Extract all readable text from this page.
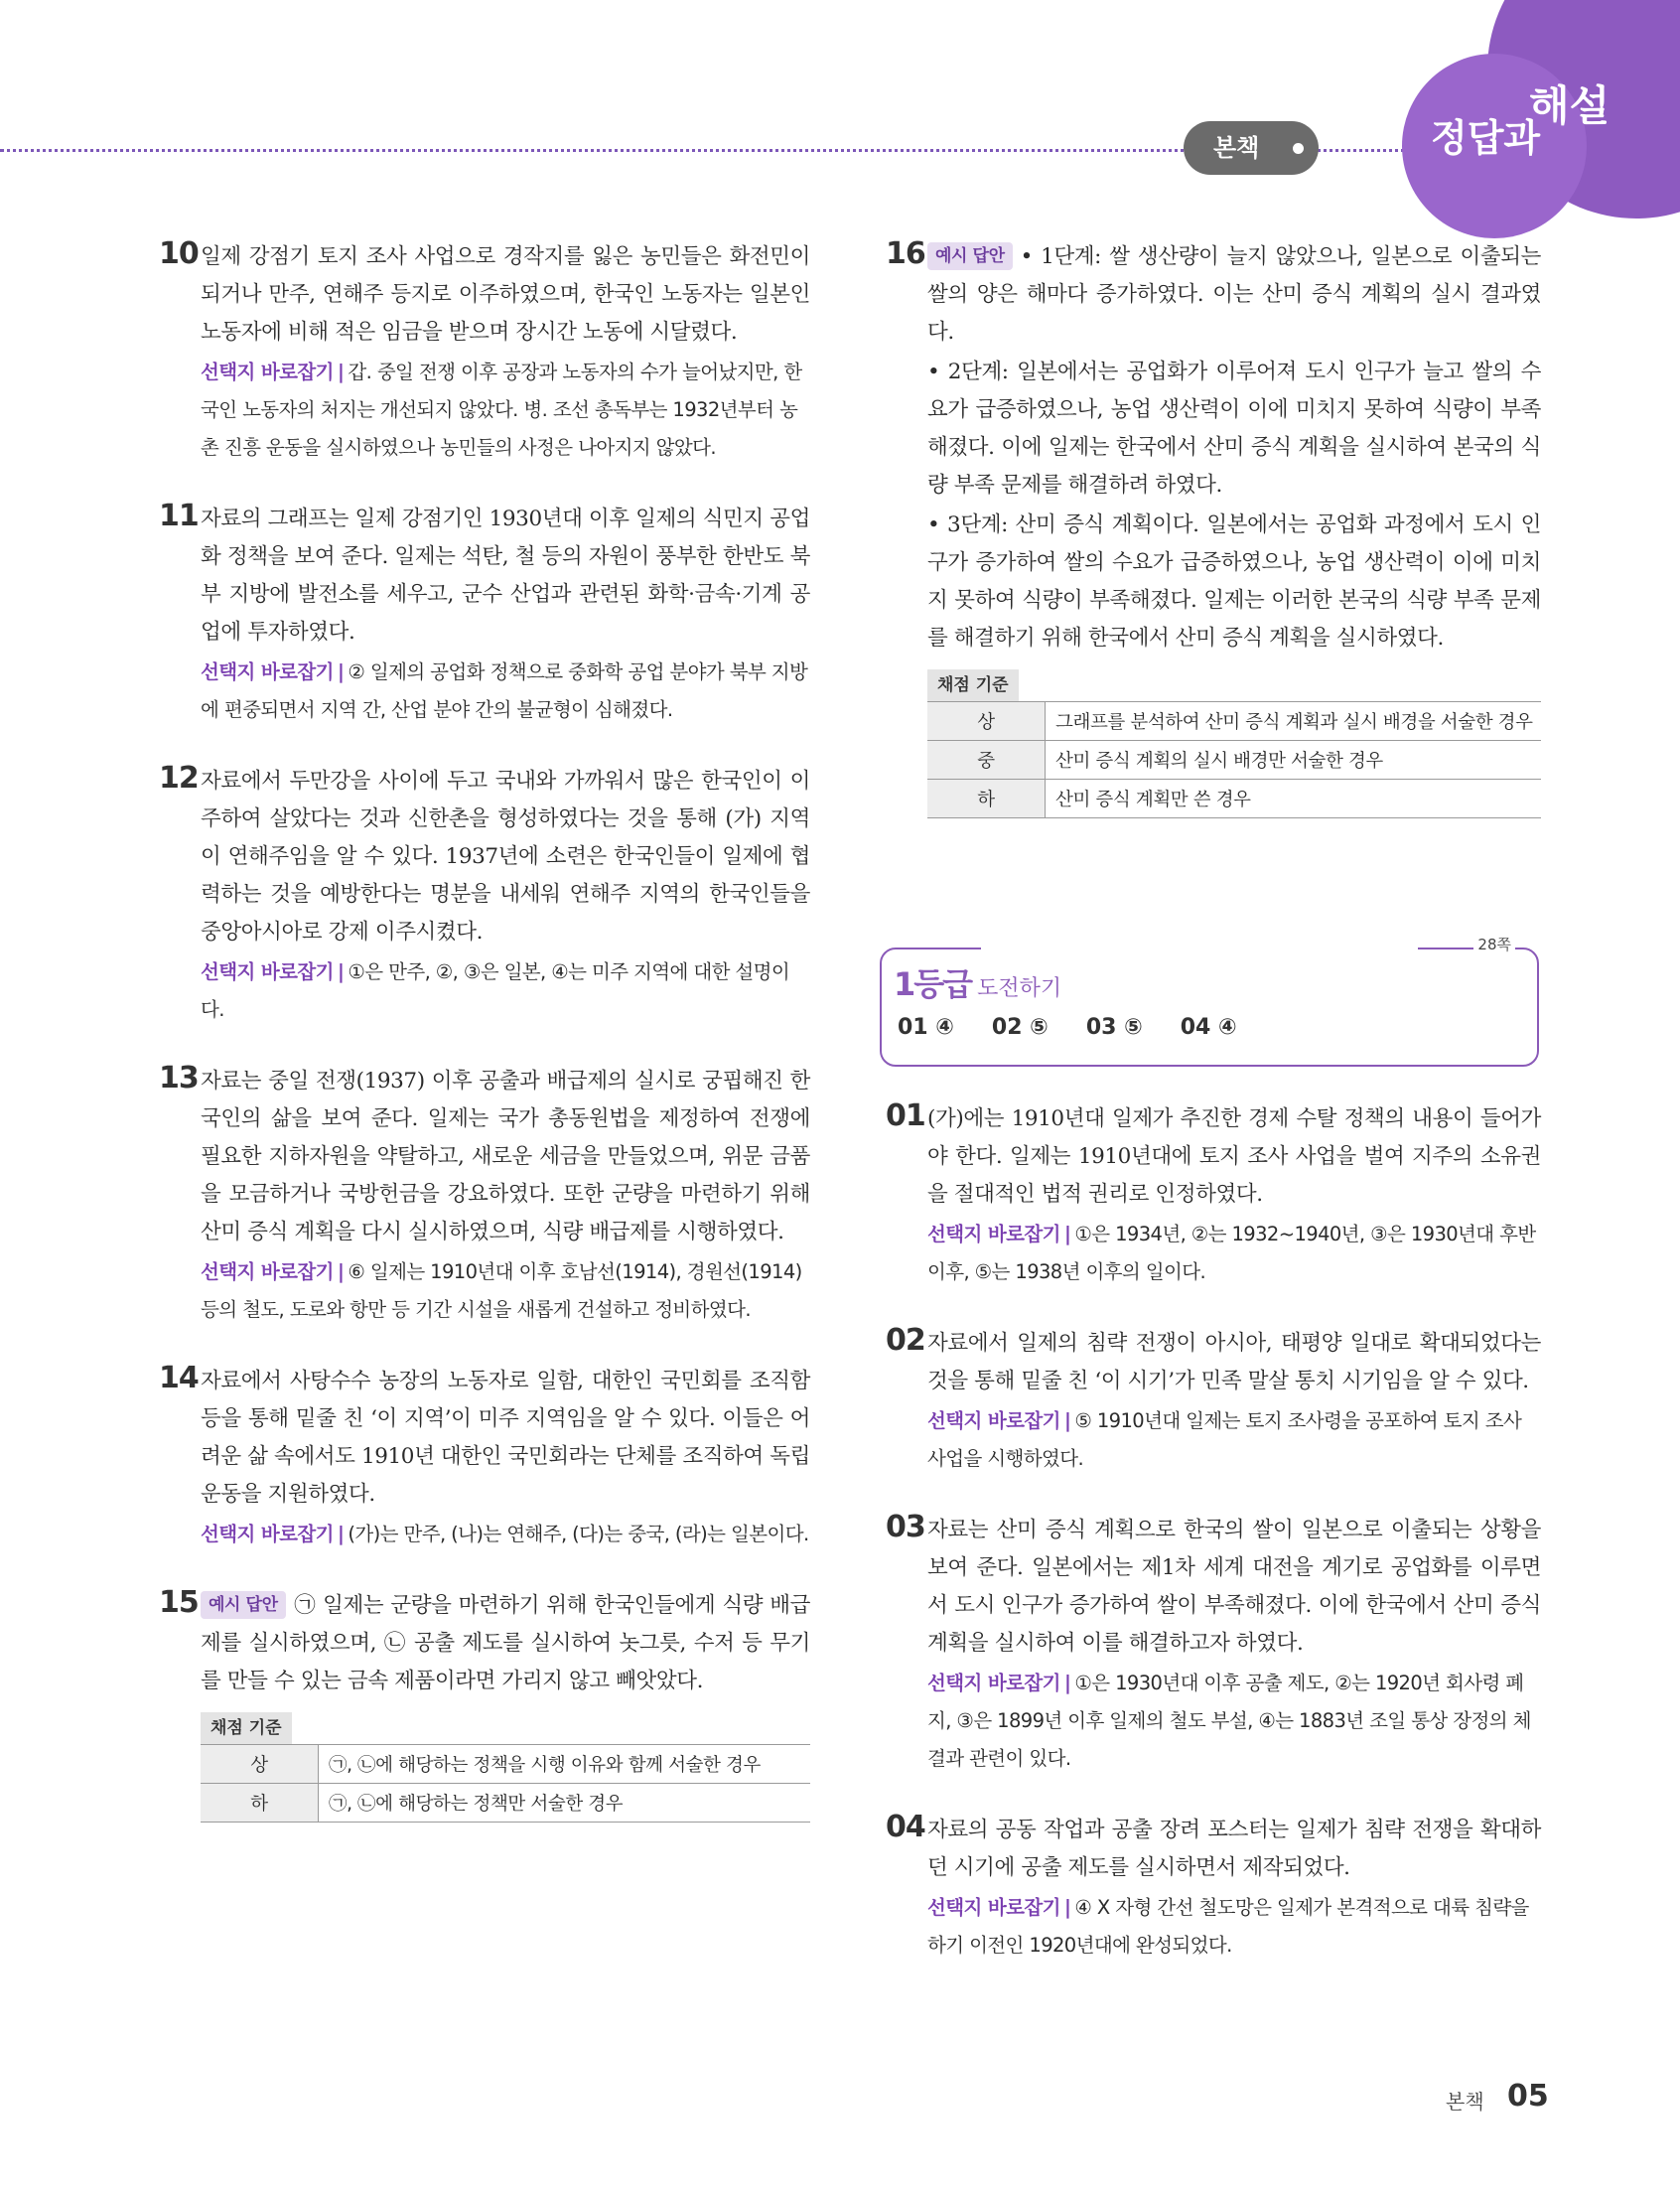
정답과
해설
본책
10 일제 강점기 토지 조사 사업으로 경작지를 잃은 농민들은 화전민이 되거나 만주, 연해주 등지로 이주하였으며, 한국인 노동자는 일본인 노동자에 비해 적은 임금을 받으며 장시간 노동에 시달렸다.
선택지 바로잡기 | 갑. 중일 전쟁 이후 공장과 노동자의 수가 늘어났지만, 한국인 노동자의 처지는 개선되지 않았다. 병. 조선 총독부는 1932년부터 농촌 진흥 운동을 실시하였으나 농민들의 사정은 나아지지 않았다.
11 자료의 그래프는 일제 강점기인 1930년대 이후 일제의 식민지 공업화 정책을 보여 준다. 일제는 석탄, 철 등의 자원이 풍부한 한반도 북부 지방에 발전소를 세우고, 군수 산업과 관련된 화학·금속·기계 공업에 투자하였다.
선택지 바로잡기 | ② 일제의 공업화 정책으로 중화학 공업 분야가 북부 지방에 편중되면서 지역 간, 산업 분야 간의 불균형이 심해졌다.
12 자료에서 두만강을 사이에 두고 국내와 가까워서 많은 한국인이 이주하여 살았다는 것과 신한촌을 형성하였다는 것을 통해 (가) 지역이 연해주임을 알 수 있다. 1937년에 소련은 한국인들이 일제에 협력하는 것을 예방한다는 명분을 내세워 연해주 지역의 한국인들을 중앙아시아로 강제 이주시켰다.
선택지 바로잡기 | ①은 만주, ②, ③은 일본, ④는 미주 지역에 대한 설명이다.
13 자료는 중일 전쟁(1937) 이후 공출과 배급제의 실시로 궁핍해진 한국인의 삶을 보여 준다. 일제는 국가 총동원법을 제정하여 전쟁에 필요한 지하자원을 약탈하고, 새로운 세금을 만들었으며, 위문 금품을 모금하거나 국방헌금을 강요하였다. 또한 군량을 마련하기 위해 산미 증식 계획을 다시 실시하였으며, 식량 배급제를 시행하였다.
선택지 바로잡기 | ⑥ 일제는 1910년대 이후 호남선(1914), 경원선(1914) 등의 철도, 도로와 항만 등 기간 시설을 새롭게 건설하고 정비하였다.
14 자료에서 사탕수수 농장의 노동자로 일함, 대한인 국민회를 조직함 등을 통해 밑줄 친 ‘이 지역’이 미주 지역임을 알 수 있다. 이들은 어려운 삶 속에서도 1910년 대한인 국민회라는 단체를 조직하여 독립운동을 지원하였다.
선택지 바로잡기 | (가)는 만주, (나)는 연해주, (다)는 중국, (라)는 일본이다.
15 예시 답안 ㉠ 일제는 군량을 마련하기 위해 한국인들에게 식량 배급제를 실시하였으며, ㉡ 공출 제도를 실시하여 놋그릇, 수저 등 무기를 만들 수 있는 금속 제품이라면 가리지 않고 빼앗았다.
채점 기준
상	㉠, ㉡에 해당하는 정책을 시행 이유와 함께 서술한 경우
하	㉠, ㉡에 해당하는 정책만 서술한 경우
16 예시 답안 • 1단계: 쌀 생산량이 늘지 않았으나, 일본으로 이출되는 쌀의 양은 해마다 증가하였다. 이는 산미 증식 계획의 실시 결과였다.
• 2단계: 일본에서는 공업화가 이루어져 도시 인구가 늘고 쌀의 수요가 급증하였으나, 농업 생산력이 이에 미치지 못하여 식량이 부족해졌다. 이에 일제는 한국에서 산미 증식 계획을 실시하여 본국의 식량 부족 문제를 해결하려 하였다.
• 3단계: 산미 증식 계획이다. 일본에서는 공업화 과정에서 도시 인구가 증가하여 쌀의 수요가 급증하였으나, 농업 생산력이 이에 미치지 못하여 식량이 부족해졌다. 일제는 이러한 본국의 식량 부족 문제를 해결하기 위해 한국에서 산미 증식 계획을 실시하였다.
채점 기준
상	그래프를 분석하여 산미 증식 계획과 실시 배경을 서술한 경우
중	산미 증식 계획의 실시 배경만 서술한 경우
하	산미 증식 계획만 쓴 경우
1등급 도전하기
28쪽
01 ④ 02 ⑤ 03 ⑤ 04 ④
01 (가)에는 1910년대 일제가 추진한 경제 수탈 정책의 내용이 들어가야 한다. 일제는 1910년대에 토지 조사 사업을 벌여 지주의 소유권을 절대적인 법적 권리로 인정하였다.
선택지 바로잡기 | ①은 1934년, ②는 1932~1940년, ③은 1930년대 후반 이후, ⑤는 1938년 이후의 일이다.
02 자료에서 일제의 침략 전쟁이 아시아, 태평양 일대로 확대되었다는 것을 통해 밑줄 친 ‘이 시기’가 민족 말살 통치 시기임을 알 수 있다.
선택지 바로잡기 | ⑤ 1910년대 일제는 토지 조사령을 공포하여 토지 조사 사업을 시행하였다.
03 자료는 산미 증식 계획으로 한국의 쌀이 일본으로 이출되는 상황을 보여 준다. 일본에서는 제1차 세계 대전을 계기로 공업화를 이루면서 도시 인구가 증가하여 쌀이 부족해졌다. 이에 한국에서 산미 증식 계획을 실시하여 이를 해결하고자 하였다.
선택지 바로잡기 | ①은 1930년대 이후 공출 제도, ②는 1920년 회사령 폐지, ③은 1899년 이후 일제의 철도 부설, ④는 1883년 조일 통상 장정의 체결과 관련이 있다.
04 자료의 공동 작업과 공출 장려 포스터는 일제가 침략 전쟁을 확대하던 시기에 공출 제도를 실시하면서 제작되었다.
선택지 바로잡기 | ④ X 자형 간선 철도망은 일제가 본격적으로 대륙 침략을 하기 이전인 1920년대에 완성되었다.
본책 05
